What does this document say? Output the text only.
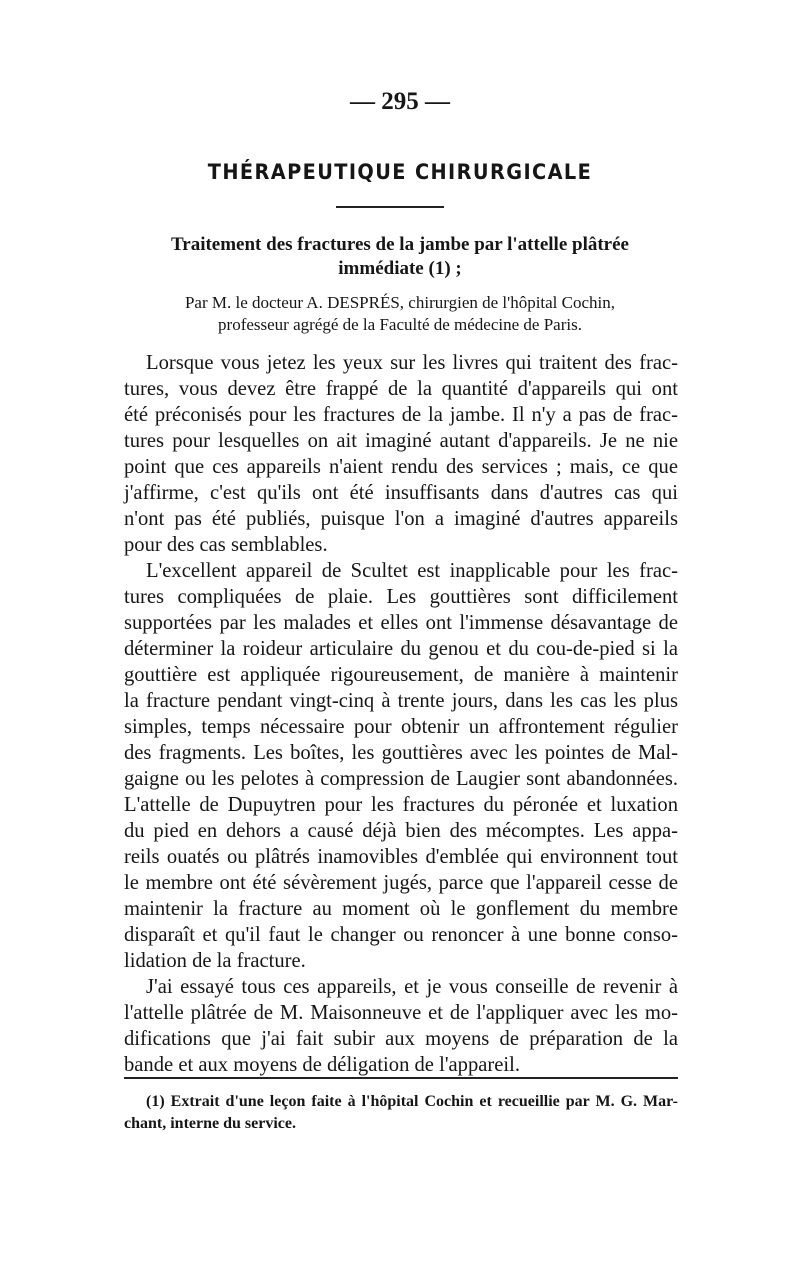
— 295 —
THÉRAPEUTIQUE CHIRURGICALE
Traitement des fractures de la jambe par l'attelle plâtrée
immédiate (1) ;
Par M. le docteur A. DESPRÉS, chirurgien de l'hôpital Cochin,
professeur agrégé de la Faculté de médecine de Paris.
Lorsque vous jetez les yeux sur les livres qui traitent des frac-
tures, vous devez être frappé de la quantité d'appareils qui ont
été préconisés pour les fractures de la jambe. Il n'y a pas de frac-
tures pour lesquelles on ait imaginé autant d'appareils. Je ne nie
point que ces appareils n'aient rendu des services ; mais, ce que
j'affirme, c'est qu'ils ont été insuffisants dans d'autres cas qui
n'ont pas été publiés, puisque l'on a imaginé d'autres appareils
pour des cas semblables.
L'excellent appareil de Scultet est inapplicable pour les frac-
tures compliquées de plaie. Les gouttières sont difficilement
supportées par les malades et elles ont l'immense désavantage de
déterminer la roideur articulaire du genou et du cou-de-pied si la
gouttière est appliquée rigoureusement, de manière à maintenir
la fracture pendant vingt-cinq à trente jours, dans les cas les plus
simples, temps nécessaire pour obtenir un affrontement régulier
des fragments. Les boîtes, les gouttières avec les pointes de Mal-
gaigne ou les pelotes à compression de Laugier sont abandonnées.
L'attelle de Dupuytren pour les fractures du péronée et luxation
du pied en dehors a causé déjà bien des mécomptes. Les appa-
reils ouatés ou plâtrés inamovibles d'emblée qui environnent tout
le membre ont été sévèrement jugés, parce que l'appareil cesse de
maintenir la fracture au moment où le gonflement du membre
disparaît et qu'il faut le changer ou renoncer à une bonne conso-
lidation de la fracture.
J'ai essayé tous ces appareils, et je vous conseille de revenir à
l'attelle plâtrée de M. Maisonneuve et de l'appliquer avec les mo-
difications que j'ai fait subir aux moyens de préparation de la
bande et aux moyens de déligation de l'appareil.
(1) Extrait d'une leçon faite à l'hôpital Cochin et recueillie par M. G. Mar-
chant, interne du service.
